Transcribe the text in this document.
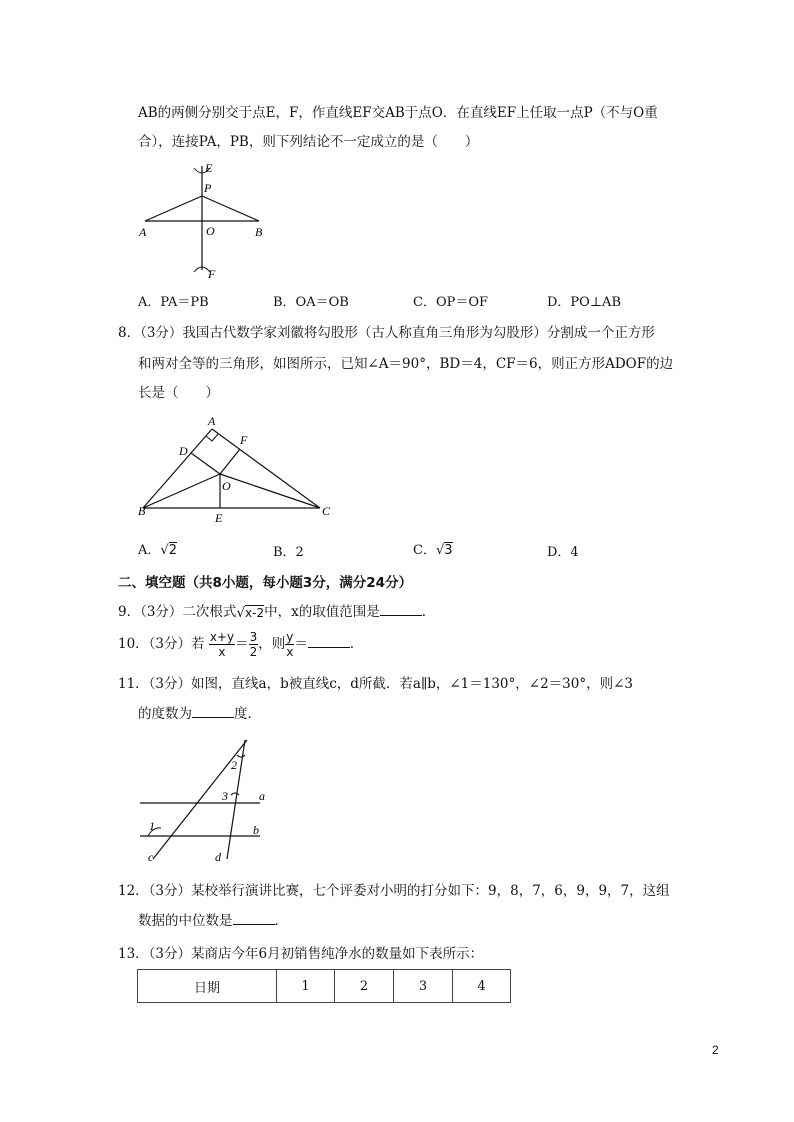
AB的两侧分别交于点E，F，作直线EF交AB于点O．在直线EF上任取一点P（不与O重
合），连接PA，PB，则下列结论不一定成立的是（　　）
E
P
A	O	B
F
A．PA＝PB	B．OA＝OB	C．OP＝OF	D．PO⊥AB
8．（3分）我国古代数学家刘徽将勾股形（古人称直角三角形为勾股形）分割成一个正方形
和两对全等的三角形，如图所示，已知∠A＝90°，BD＝4，CF＝6，则正方形ADOF的边
长是（　　）
A
D
F
O
B	E	C
A．√2	B．2	C．√3	D．4
二、填空题（共8小题，每小题3分，满分24分）
9．（3分）二次根式√x-2中，x的取值范围是	．
10．（3分）若 $\frac{x+y}{x} = \frac{3}{2}$ ，则 $\frac{y}{x}$ ＝	．
11．（3分）如图，直线a，b被直线c，d所截．若a∥b，∠1＝130°，∠2＝30°，则∠3
的度数为	度．
1
2
3	a
b
c	d
12．（3分）某校举行演讲比赛，七个评委对小明的打分如下：9，8，7，6，9，9，7，这组
数据的中位数是	．
13．（3分）某商店今年6月初销售纯净水的数量如下表所示：
日期	1	2	3	4
2
